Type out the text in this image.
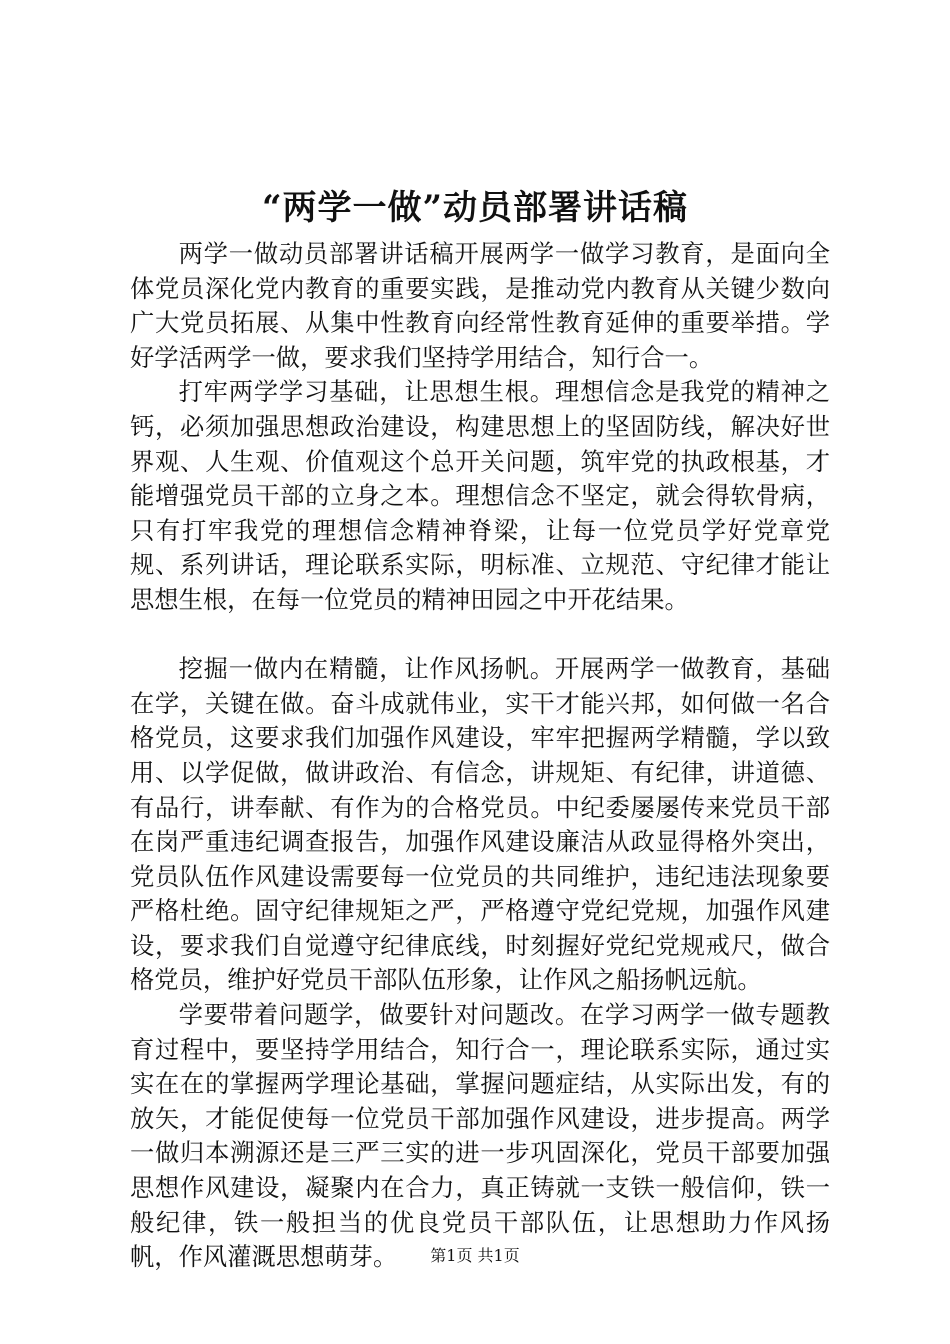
“两学一做”动员部署讲话稿

两学一做动员部署讲话稿开展两学一做学习教育，是面向全体党员深化党内教育的重要实践，是推动党内教育从关键少数向广大党员拓展、从集中性教育向经常性教育延伸的重要举措。学好学活两学一做，要求我们坚持学用结合，知行合一。

打牢两学学习基础，让思想生根。理想信念是我党的精神之钙，必须加强思想政治建设，构建思想上的坚固防线，解决好世界观、人生观、价值观这个总开关问题，筑牢党的执政根基，才能增强党员干部的立身之本。理想信念不坚定，就会得软骨病，只有打牢我党的理想信念精神脊梁，让每一位党员学好党章党规、系列讲话，理论联系实际，明标准、立规范、守纪律才能让思想生根，在每一位党员的精神田园之中开花结果。

挖掘一做内在精髓，让作风扬帆。开展两学一做教育，基础在学，关键在做。奋斗成就伟业，实干才能兴邦，如何做一名合格党员，这要求我们加强作风建设，牢牢把握两学精髓，学以致用、以学促做，做讲政治、有信念，讲规矩、有纪律，讲道德、有品行，讲奉献、有作为的合格党员。中纪委屡屡传来党员干部在岗严重违纪调查报告，加强作风建设廉洁从政显得格外突出，党员队伍作风建设需要每一位党员的共同维护，违纪违法现象要严格杜绝。固守纪律规矩之严，严格遵守党纪党规，加强作风建设，要求我们自觉遵守纪律底线，时刻握好党纪党规戒尺，做合格党员，维护好党员干部队伍形象，让作风之船扬帆远航。

学要带着问题学，做要针对问题改。在学习两学一做专题教育过程中，要坚持学用结合，知行合一，理论联系实际，通过实实在在的掌握两学理论基础，掌握问题症结，从实际出发，有的放矢，才能促使每一位党员干部加强作风建设，进步提高。两学一做归本溯源还是三严三实的进一步巩固深化，党员干部要加强思想作风建设，凝聚内在合力，真正铸就一支铁一般信仰，铁一般纪律，铁一般担当的优良党员干部队伍，让思想助力作风扬帆，作风灌溉思想萌芽。	第1页 共1页
